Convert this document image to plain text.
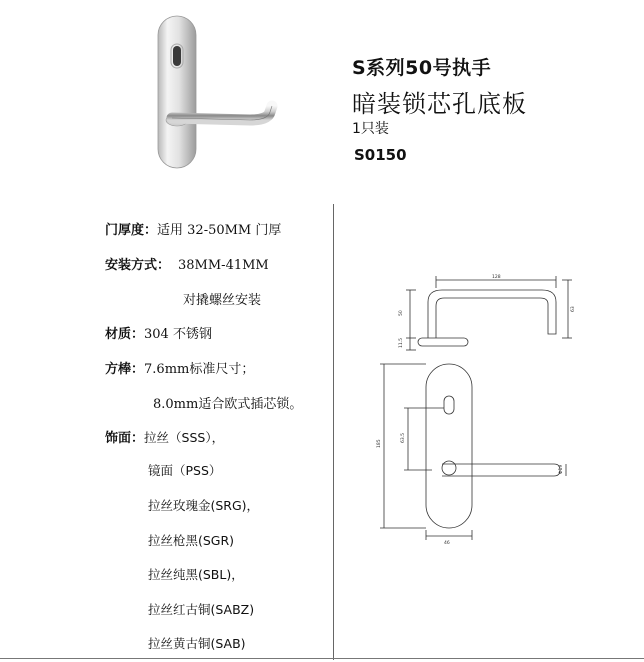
S系列50号执手
暗装锁芯孔底板
1只装
S0150
门厚度：适用 32-50MM 门厚
安装方式： 38MM-41MM
对撬螺丝安装
材质：304 不锈钢
方棒：7.6mm标准尺寸；
8.0mm适合欧式插芯锁。
饰面：拉丝（SSS），
镜面（PSS）
拉丝玫瑰金(SRG)，
拉丝枪黑(SGR)
拉丝纯黑(SBL)，
拉丝红古铜(SABZ)
拉丝黄古铜(SAB)
128
50
11.5
63
185
63.5
46
Φ19
